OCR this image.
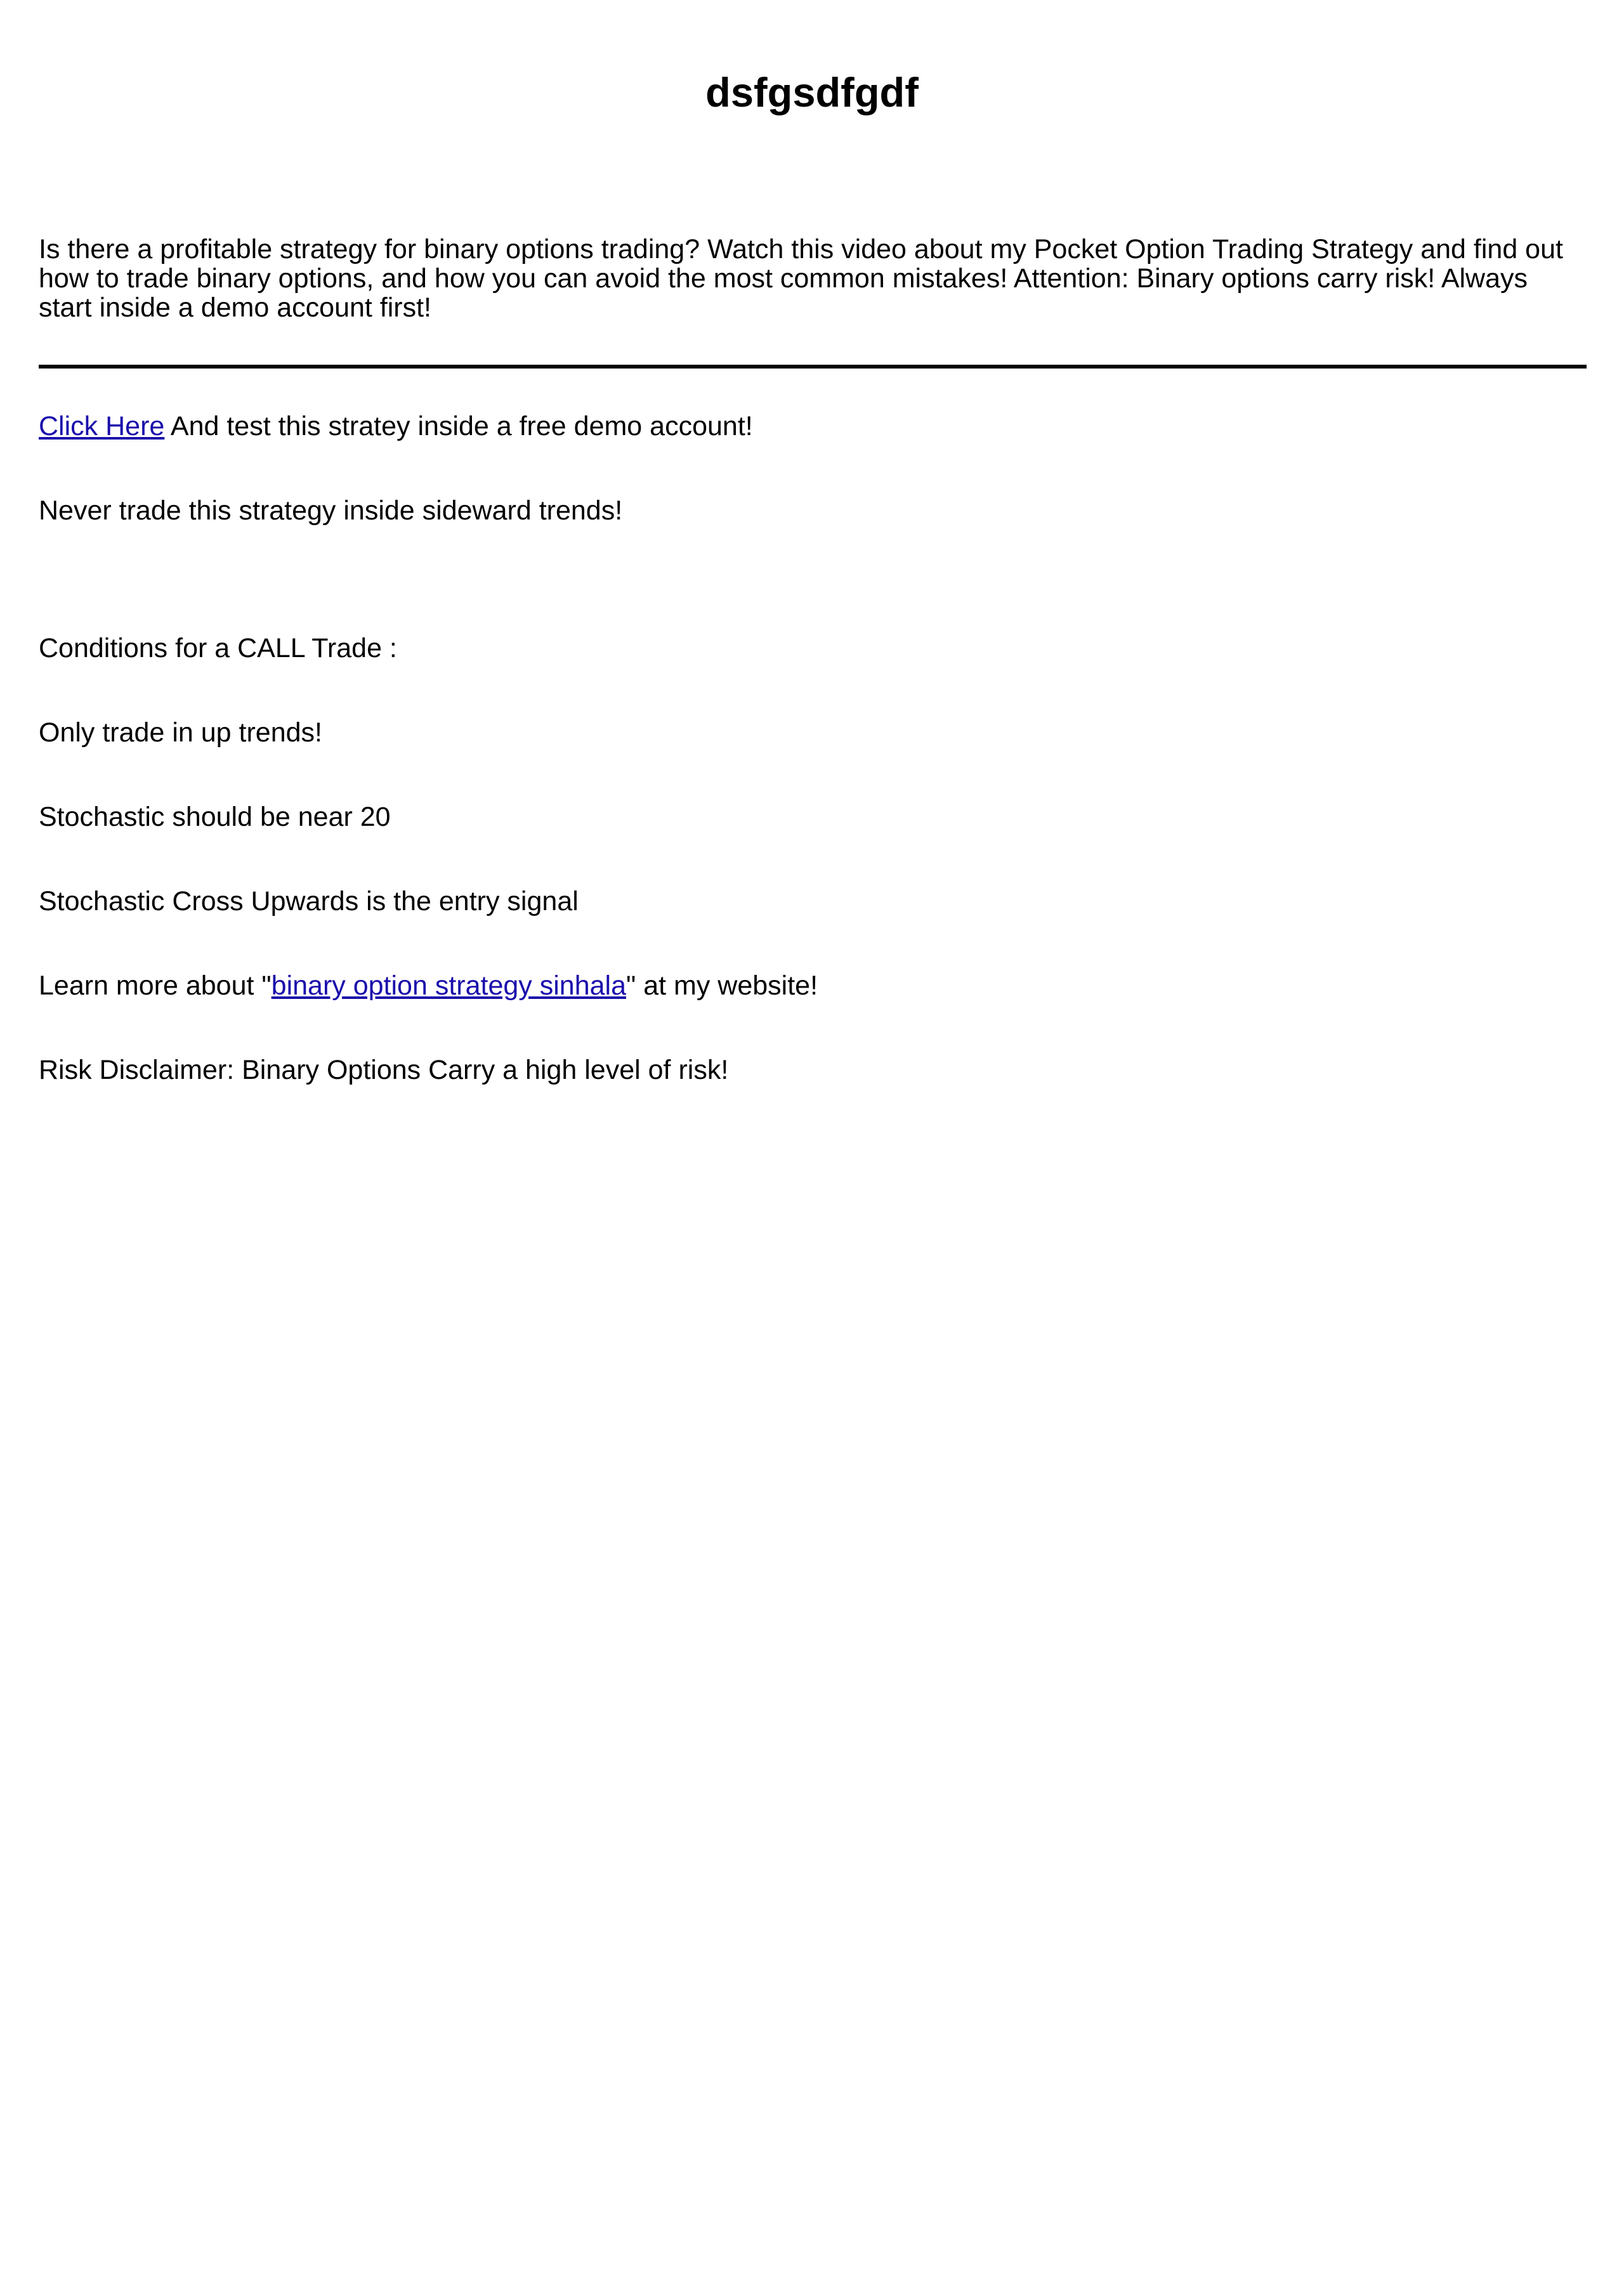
dsfgsdfgdf

Is there a profitable strategy for binary options trading? Watch this video about my Pocket Option Trading Strategy and find out how to trade binary options, and how you can avoid the most common mistakes! Attention: Binary options carry risk! Always start inside a demo account first!

Click Here And test this stratey inside a free demo account!

Never trade this strategy inside sideward trends!

Conditions for a CALL Trade :

Only trade in up trends!

Stochastic should be near 20

Stochastic Cross Upwards is the entry signal

Learn more about "binary option strategy sinhala" at my website!

Risk Disclaimer: Binary Options Carry a high level of risk!
